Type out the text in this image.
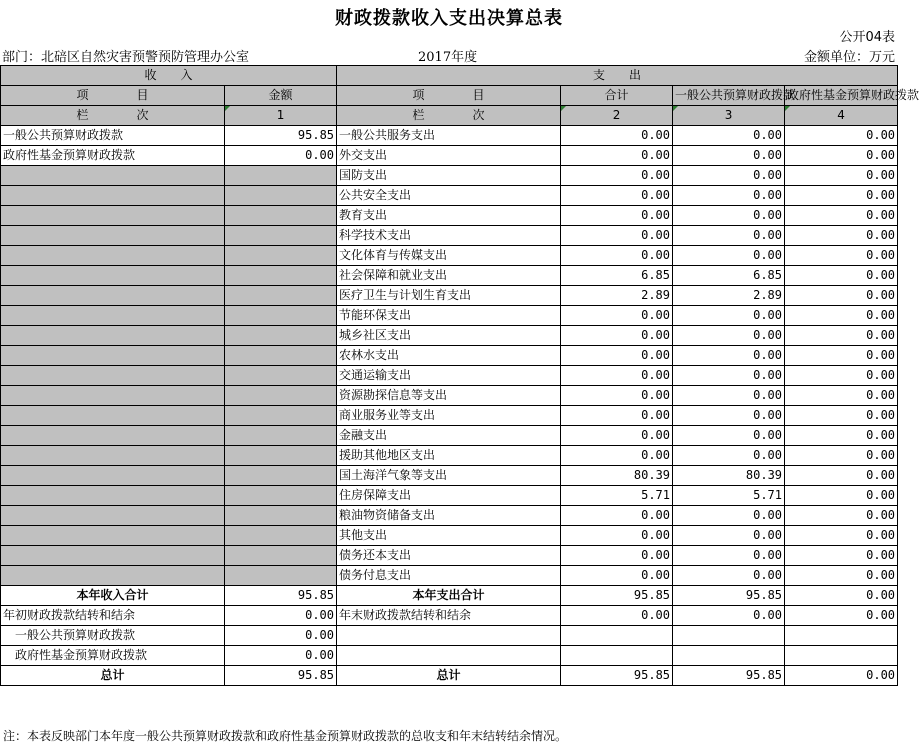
财政拨款收入支出决算总表
公开04表
部门：北碚区自然灾害预警预防管理办公室	2017年度	金额单位：万元
收　　入		支　　出			
项　　　　目	金额	项　　　　目	合计	一般公共预算财政拨款	政府性基金预算财政拨款
栏　　　　次	1	栏　　　　次	2	3	4
一般公共预算财政拨款	95.85	一般公共服务支出	0.00	0.00	0.00
政府性基金预算财政拨款	0.00	外交支出	0.00	0.00	0.00
		国防支出	0.00	0.00	0.00
		公共安全支出	0.00	0.00	0.00
		教育支出	0.00	0.00	0.00
		科学技术支出	0.00	0.00	0.00
		文化体育与传媒支出	0.00	0.00	0.00
		社会保障和就业支出	6.85	6.85	0.00
		医疗卫生与计划生育支出	2.89	2.89	0.00
		节能环保支出	0.00	0.00	0.00
		城乡社区支出	0.00	0.00	0.00
		农林水支出	0.00	0.00	0.00
		交通运输支出	0.00	0.00	0.00
		资源勘探信息等支出	0.00	0.00	0.00
		商业服务业等支出	0.00	0.00	0.00
		金融支出	0.00	0.00	0.00
		援助其他地区支出	0.00	0.00	0.00
		国土海洋气象等支出	80.39	80.39	0.00
		住房保障支出	5.71	5.71	0.00
		粮油物资储备支出	0.00	0.00	0.00
		其他支出	0.00	0.00	0.00
		债务还本支出	0.00	0.00	0.00
		债务付息支出	0.00	0.00	0.00
本年收入合计	95.85	本年支出合计	95.85	95.85	0.00
年初财政拨款结转和结余	0.00	年末财政拨款结转和结余	0.00	0.00	0.00
一般公共预算财政拨款	0.00				
政府性基金预算财政拨款	0.00				
总计	95.85	总计	95.85	95.85	0.00
注：本表反映部门本年度一般公共预算财政拨款和政府性基金预算财政拨款的总收支和年末结转结余情况。
